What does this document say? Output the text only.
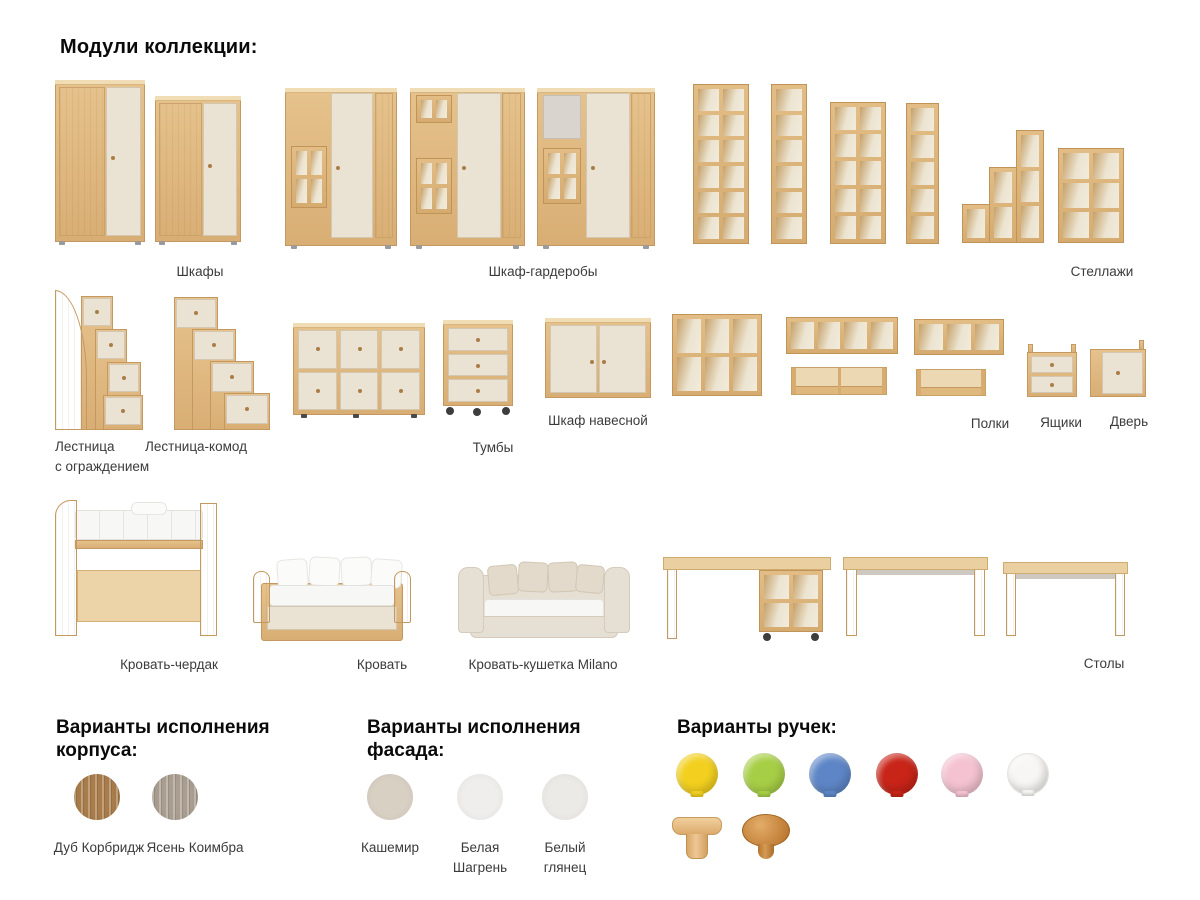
Модули коллекции:
Шкафы	Шкаф-гардеробы	Стеллажи
Лестница
с ограждением
Лестница-комод	Тумбы
Шкаф навесной	Полки	Ящики	Дверь
Кровать-чердак	Кровать	Кровать-кушетка Milano	Столы
Варианты исполнения
корпуса:
Дуб Корбридж Ясень Коимбра
Варианты исполнения
фасада:
Кашемир	Белая Шагрень
Белый глянец
Варианты ручек:
